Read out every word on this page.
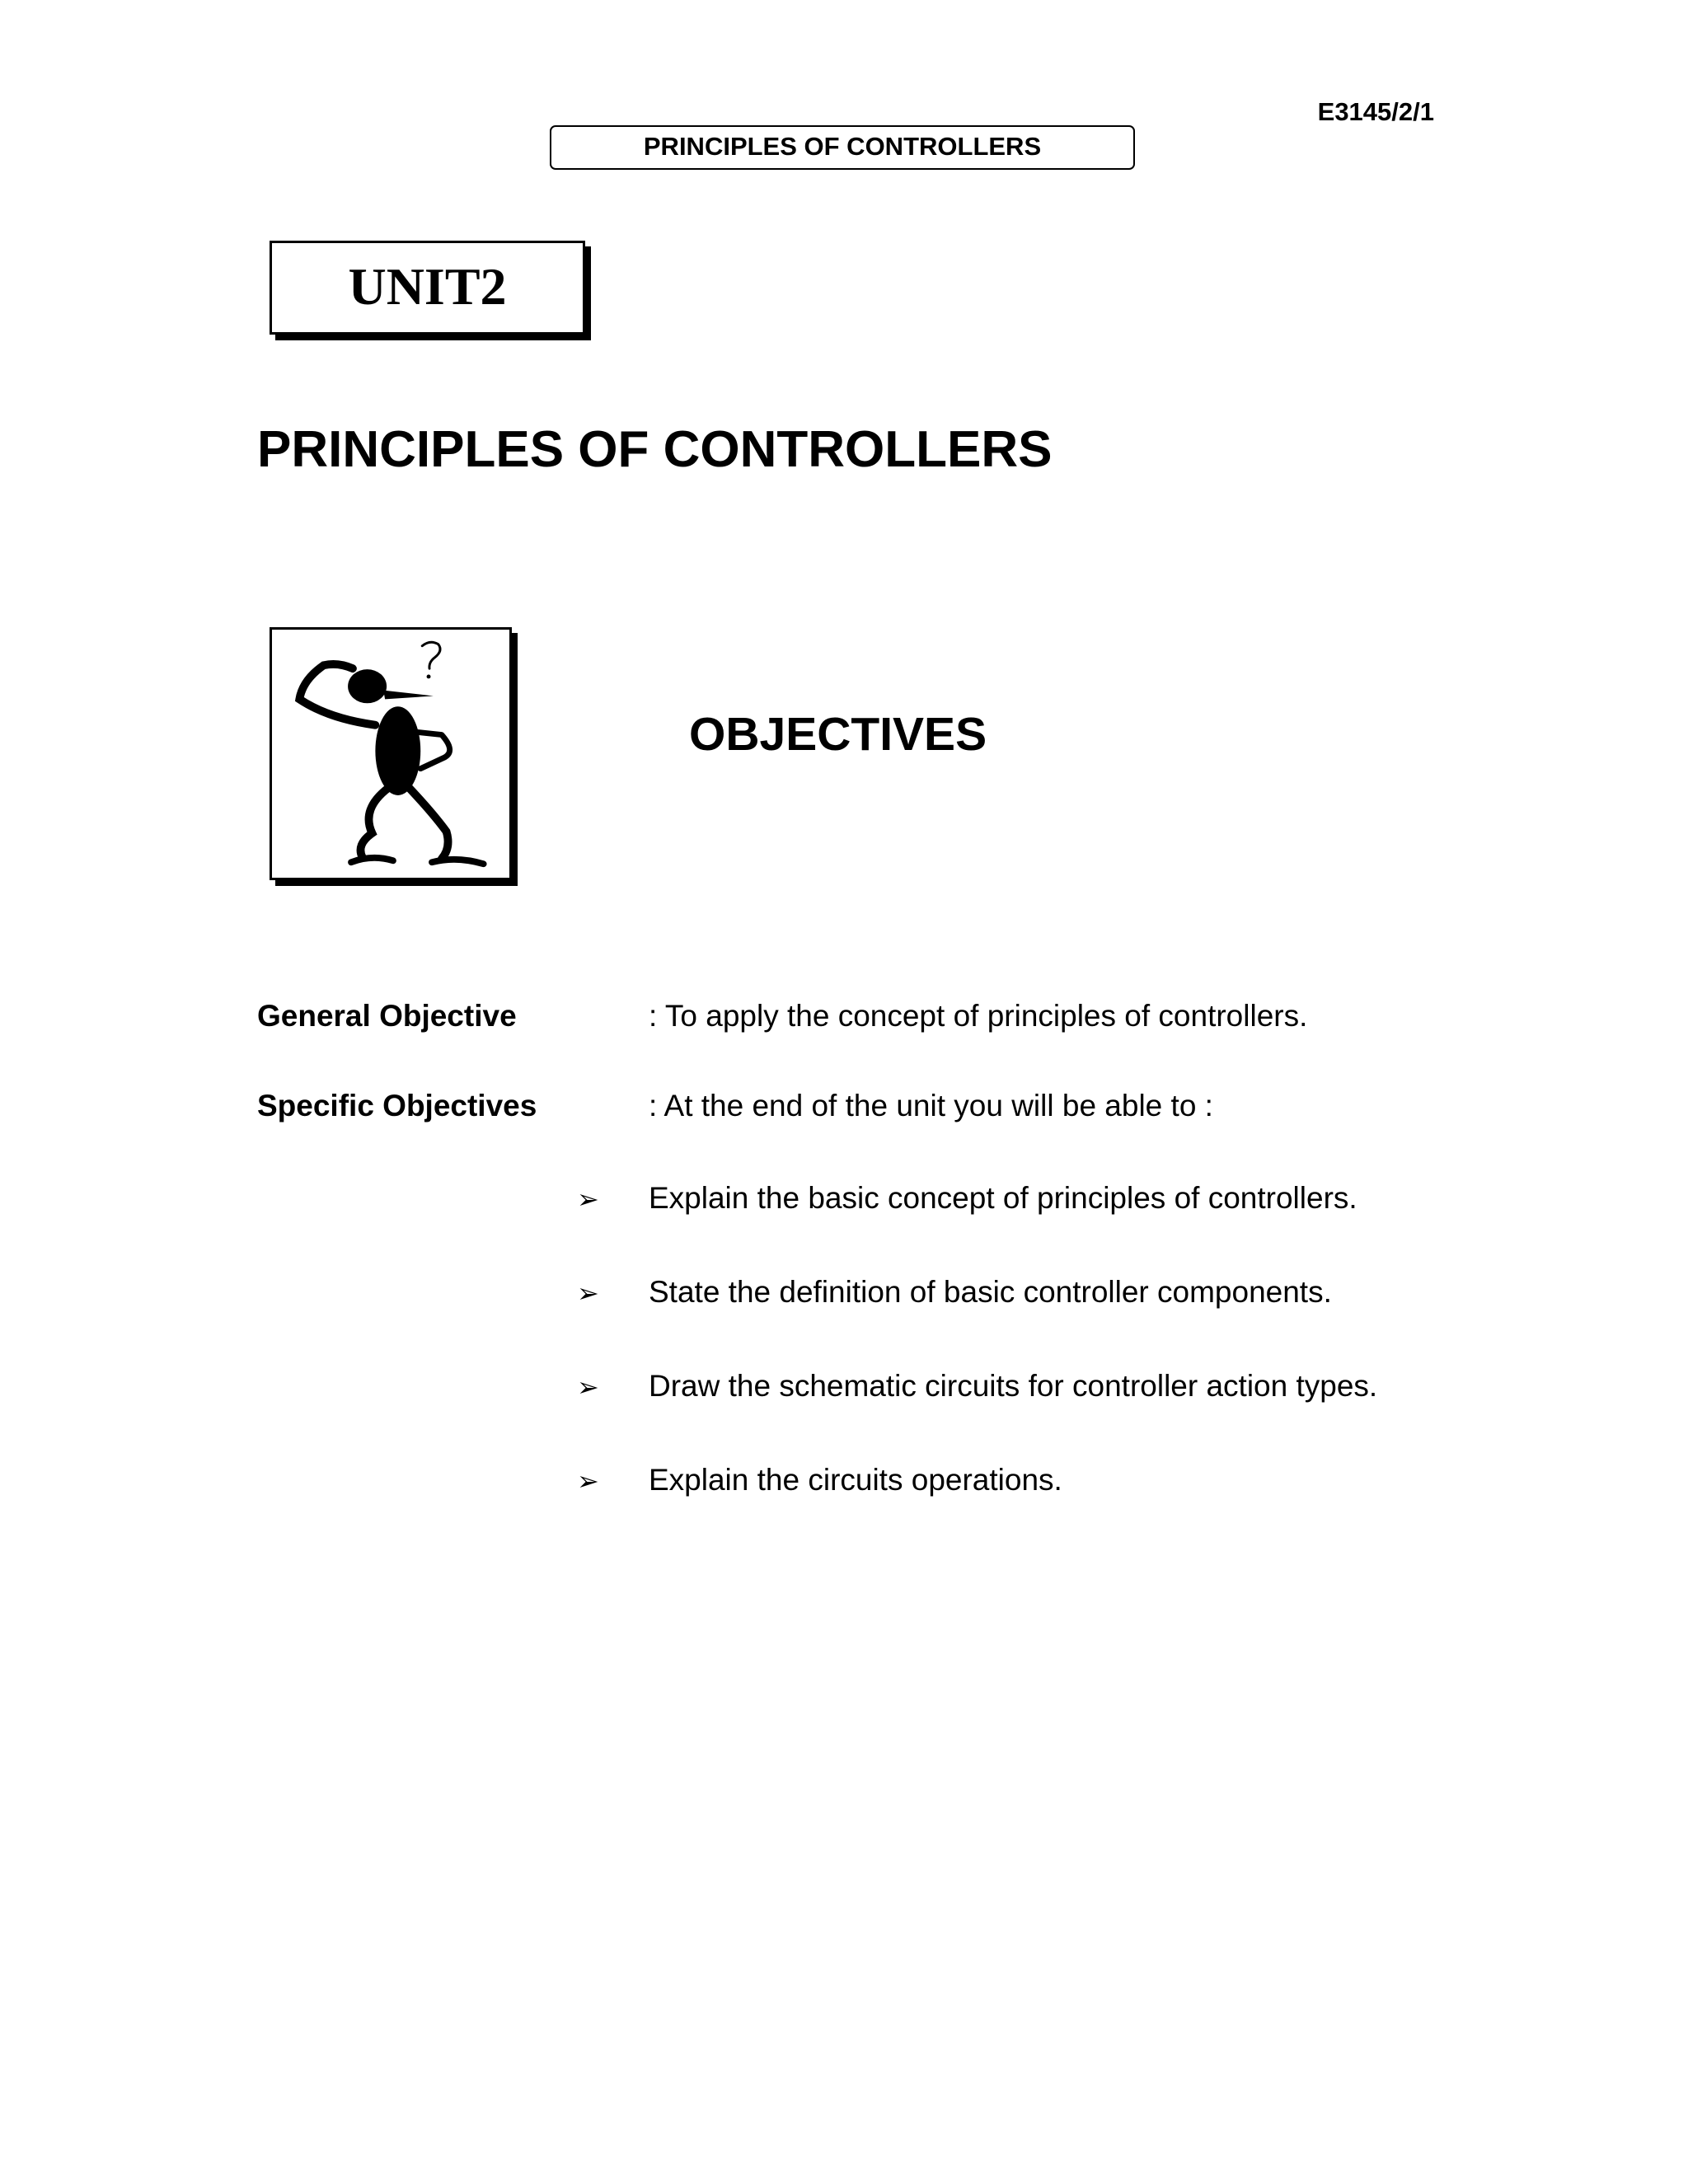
E3145/2/1
PRINCIPLES OF CONTROLLERS
UNIT2
PRINCIPLES OF CONTROLLERS
OBJECTIVES
General Objective	: To apply the concept of principles of controllers.
Specific Objectives	: At the end of the unit you will be able to :
➢ Explain the basic concept of principles of controllers.
➢ State the definition of basic controller components.
➢ Draw the schematic circuits for controller action types.
➢ Explain the circuits operations.
